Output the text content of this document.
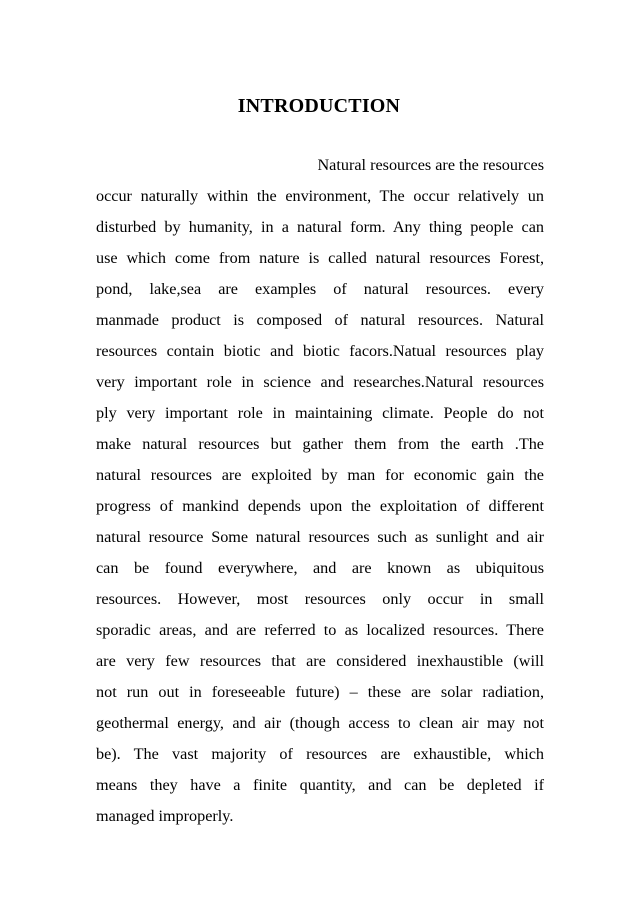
INTRODUCTION
Natural resources are the resources
occur naturally within the environment, The occur relatively un
disturbed by humanity, in a natural form. Any thing people can
use which come from nature is called natural resources Forest,
pond, lake,sea are examples of natural resources. every
manmade product is composed of natural resources. Natural
resources contain biotic and biotic facors.Natual resources play
very important role in science and researches.Natural resources
ply very important role in maintaining climate. People do not
make natural resources but gather them from the earth .The
natural resources are exploited by man for economic gain the
progress of mankind depends upon the exploitation of different
natural resource Some natural resources such as sunlight and air
can be found everywhere, and are known as ubiquitous
resources. However, most resources only occur in small
sporadic areas, and are referred to as localized resources. There
are very few resources that are considered inexhaustible (will
not run out in foreseeable future) – these are solar radiation,
geothermal energy, and air (though access to clean air may not
be). The vast majority of resources are exhaustible, which
means they have a finite quantity, and can be depleted if
managed improperly.
